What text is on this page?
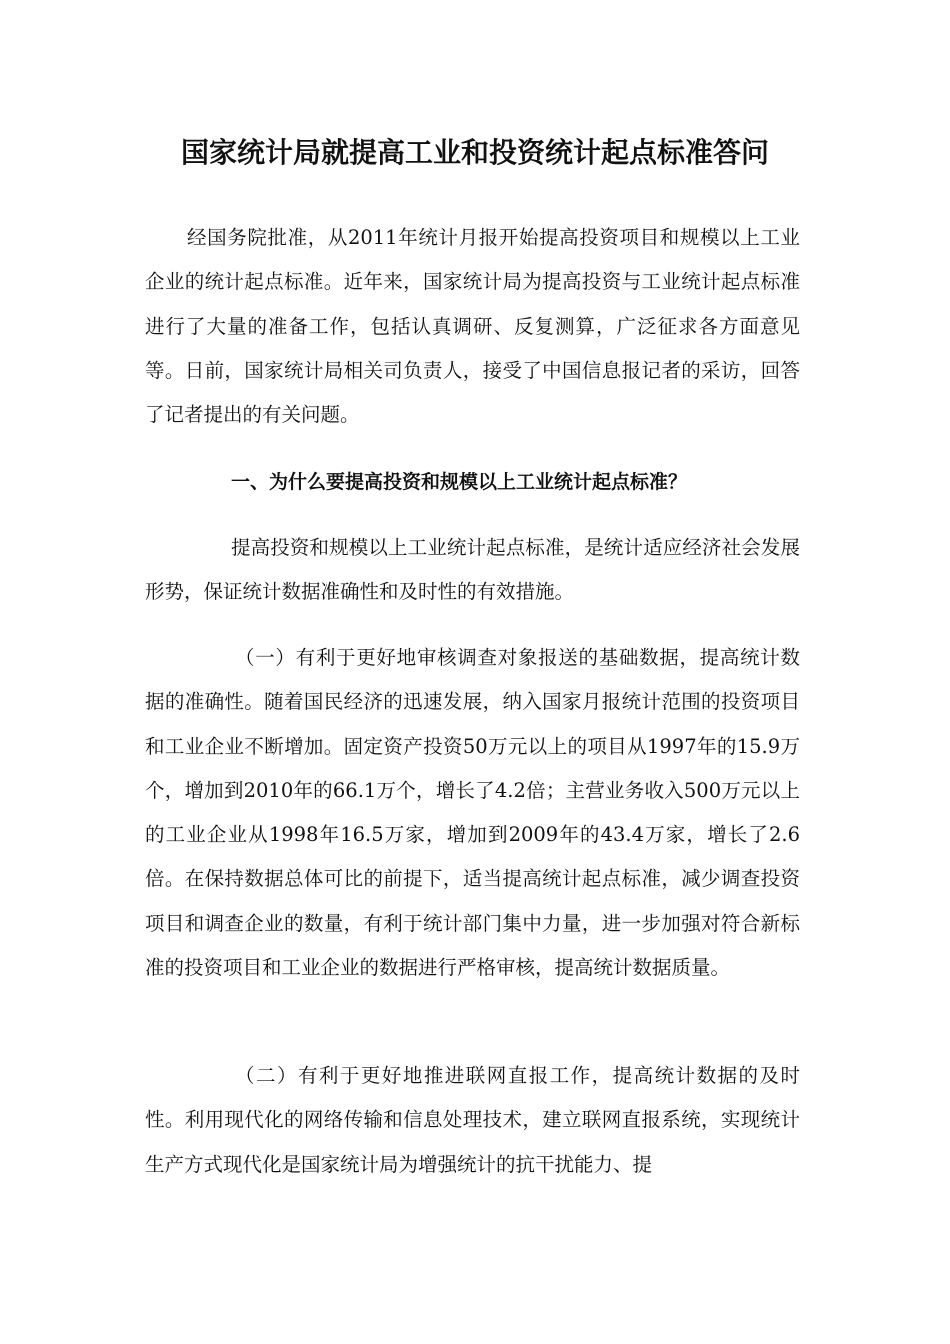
国家统计局就提高工业和投资统计起点标准答问

经国务院批准，从2011年统计月报开始提高投资项目和规模以上工业企业的统计起点标准。近年来，国家统计局为提高投资与工业统计起点标准进行了大量的准备工作，包括认真调研、反复测算，广泛征求各方面意见等。日前，国家统计局相关司负责人，接受了中国信息报记者的采访，回答了记者提出的有关问题。

一、为什么要提高投资和规模以上工业统计起点标准？

提高投资和规模以上工业统计起点标准，是统计适应经济社会发展形势，保证统计数据准确性和及时性的有效措施。

（一）有利于更好地审核调查对象报送的基础数据，提高统计数据的准确性。随着国民经济的迅速发展，纳入国家月报统计范围的投资项目和工业企业不断增加。固定资产投资50万元以上的项目从1997年的15.9万个，增加到2010年的66.1万个，增长了4.2倍；主营业务收入500万元以上的工业企业从1998年16.5万家，增加到2009年的43.4万家，增长了2.6倍。在保持数据总体可比的前提下，适当提高统计起点标准，减少调查投资项目和调查企业的数量，有利于统计部门集中力量，进一步加强对符合新标准的投资项目和工业企业的数据进行严格审核，提高统计数据质量。

（二）有利于更好地推进联网直报工作，提高统计数据的及时性。利用现代化的网络传输和信息处理技术，建立联网直报系统，实现统计生产方式现代化是国家统计局为增强统计的抗干扰能力、提
